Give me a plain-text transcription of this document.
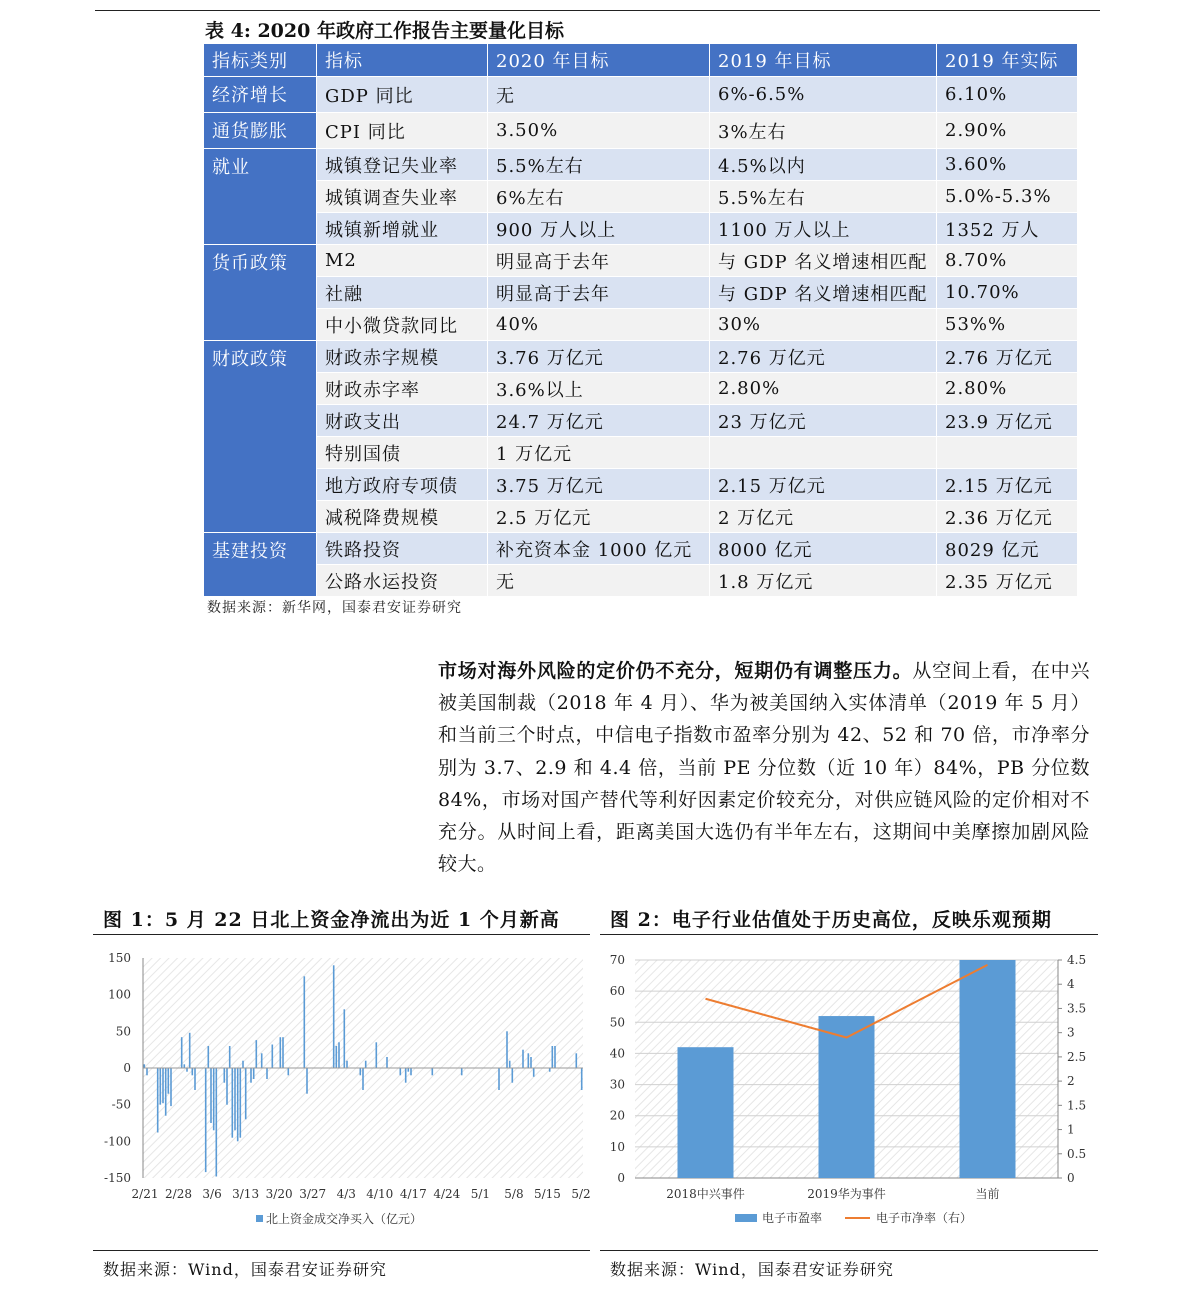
表 4: 2020 年政府工作报告主要量化目标
指标类别	指标	2020 年目标	2019 年目标	2019 年实际
经济增长	GDP 同比	无	6%-6.5%	6.10%
通货膨胀	CPI 同比	3.50%	3%左右	2.90%
就业	城镇登记失业率	5.5%左右	4.5%以内	3.60%
	城镇调查失业率	6%左右	5.5%左右	5.0%-5.3%
	城镇新增就业	900 万人以上	1100 万人以上	1352 万人
货币政策	M2	明显高于去年	与 GDP 名义增速相匹配	8.70%
	社融	明显高于去年	与 GDP 名义增速相匹配	10.70%
	中小微贷款同比	40%	30%	53%%
财政政策	财政赤字规模	3.76 万亿元	2.76 万亿元	2.76 万亿元
	财政赤字率	3.6%以上	2.80%	2.80%
	财政支出	24.7 万亿元	23 万亿元	23.9 万亿元
	特别国债	1 万亿元		
	地方政府专项债	3.75 万亿元	2.15 万亿元	2.15 万亿元
	减税降费规模	2.5 万亿元	2 万亿元	2.36 万亿元
基建投资	铁路投资	补充资本金 1000 亿元	8000 亿元	8029 亿元
	公路水运投资	无	1.8 万亿元	2.35 万亿元
数据来源：新华网，国泰君安证券研究
市场对海外风险的定价仍不充分，短期仍有调整压力。从空间上看，在中兴被美国制裁（2018 年 4 月）、华为被美国纳入实体清单（2019 年 5 月）和当前三个时点，中信电子指数市盈率分别为 42、52 和 70 倍，市净率分别为 3.7、2.9 和 4.4 倍，当前 PE 分位数（近 10 年）84%，PB 分位数 84%，市场对国产替代等利好因素定价较充分，对供应链风险的定价相对不充分。从时间上看，距离美国大选仍有半年左右，这期间中美摩擦加剧风险较大。
图 1：5 月 22 日北上资金净流出为近 1 个月新高
-150
-100
-50
0
50
100
150
2/21 2/28 3/6 3/13 3/20 3/27 4/3 4/10 4/17 4/24 5/1 5/8 5/15 5/2
北上资金成交净买入（亿元）
数据来源：Wind，国泰君安证券研究
图 2：电子行业估值处于历史高位，反映乐观预期
0
10
20
30
40
50
60
70
0
0.5
1
1.5
2
2.5
3
3.5
4
4.5
2018中兴事件	2019华为事件	当前
电子市盈率	电子市净率（右）
数据来源：Wind，国泰君安证券研究
